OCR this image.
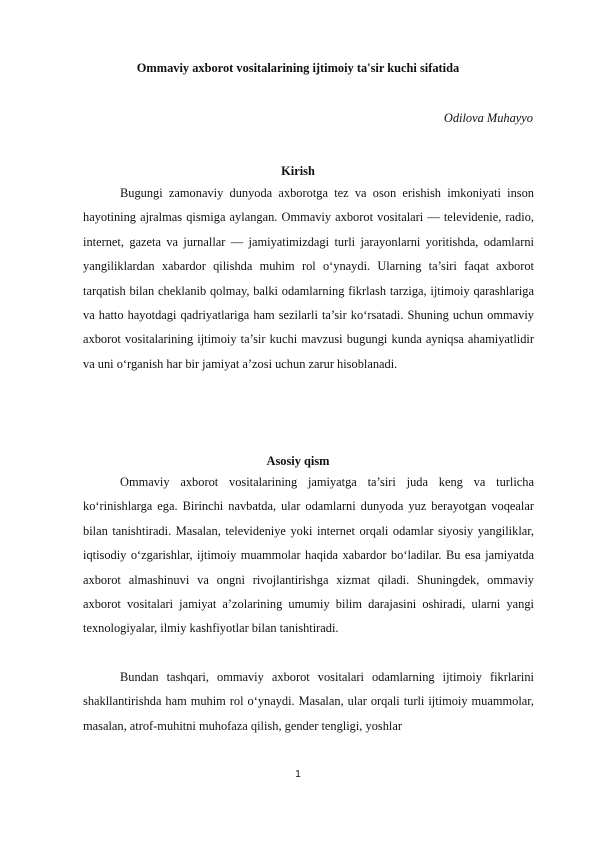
Ommaviy axborot vositalarining ijtimoiy ta'sir kuchi sifatida
Odilova Muhayyo
Kirish

Bugungi zamonaviy dunyoda axborotga tez va oson erishish imkoniyati inson hayotining ajralmas qismiga aylangan. Ommaviy axborot vositalari — televidenie, radio, internet, gazeta va jurnallar — jamiyatimizdagi turli jarayonlarni yoritishda, odamlarni yangiliklardan xabardor qilishda muhim rol o‘ynaydi. Ularning ta’siri faqat axborot tarqatish bilan cheklanib qolmay, balki odamlarning fikrlash tarziga, ijtimoiy qarashlariga va hatto hayotdagi qadriyatlariga ham sezilarli ta’sir ko‘rsatadi. Shuning uchun ommaviy axborot vositalarining ijtimoiy ta’sir kuchi mavzusi bugungi kunda ayniqsa ahamiyatlidir va uni o‘rganish har bir jamiyat a’zosi uchun zarur hisoblanadi.

Asosiy qism

Ommaviy axborot vositalarining jamiyatga ta’siri juda keng va turlicha ko‘rinishlarga ega. Birinchi navbatda, ular odamlarni dunyoda yuz berayotgan voqealar bilan tanishtiradi. Masalan, televideniye yoki internet orqali odamlar siyosiy yangiliklar, iqtisodiy o‘zgarishlar, ijtimoiy muammolar haqida xabardor bo‘ladilar. Bu esa jamiyatda axborot almashinuvi va ongni rivojlantirishga xizmat qiladi. Shuningdek, ommaviy axborot vositalari jamiyat a’zolarining umumiy bilim darajasini oshiradi, ularni yangi texnologiyalar, ilmiy kashfiyotlar bilan tanishtiradi.

Bundan tashqari, ommaviy axborot vositalari odamlarning ijtimoiy fikrlarini shakllantirishda ham muhim rol o‘ynaydi. Masalan, ular orqali turli ijtimoiy muammolar, masalan, atrof-muhitni muhofaza qilish, gender tengligi, yoshlar

1
